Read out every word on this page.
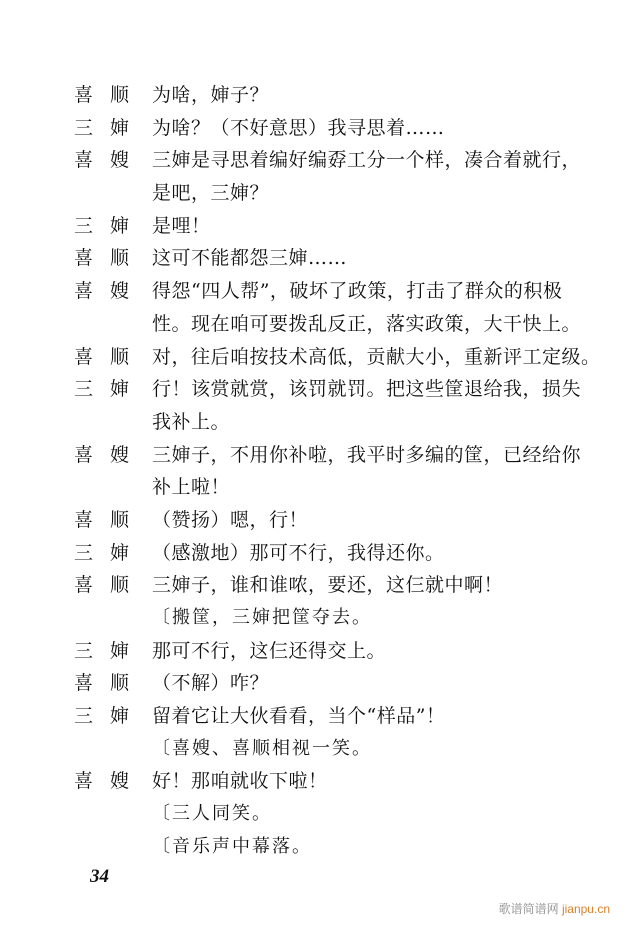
喜 顺	为啥，婶子？
三 婶	为啥？（不好意思）我寻思着……
喜 嫂	三婶是寻思着编好编孬工分一个样，凑合着就行，
是吧，三婶？
三 婶	是哩！
喜 顺	这可不能都怨三婶……
喜 嫂	得怨“四人帮”，破坏了政策，打击了群众的积极
性。现在咱可要拨乱反正，落实政策，大干快上。
喜 顺	对，往后咱按技术高低，贡献大小，重新评工定级。
三 婶	行！该赏就赏，该罚就罚。把这些筐退给我，损失
我补上。
喜 嫂	三婶子，不用你补啦，我平时多编的筐，已经给你
补上啦！
喜 顺	（赞扬）嗯，行！
三 婶	（感激地）那可不行，我得还你。
喜 顺	三婶子，谁和谁哝，要还，这仨就中啊！
〔搬筐，三婶把筐夺去。
三 婶	那可不行，这仨还得交上。
喜 顺	（不解）咋？
三 婶	留着它让大伙看看，当个“样品”！
〔喜嫂、喜顺相视一笑。
喜 嫂	好！那咱就收下啦！
〔三人同笑。
〔音乐声中幕落。
34
歌谱简谱网 jianpu.cn
